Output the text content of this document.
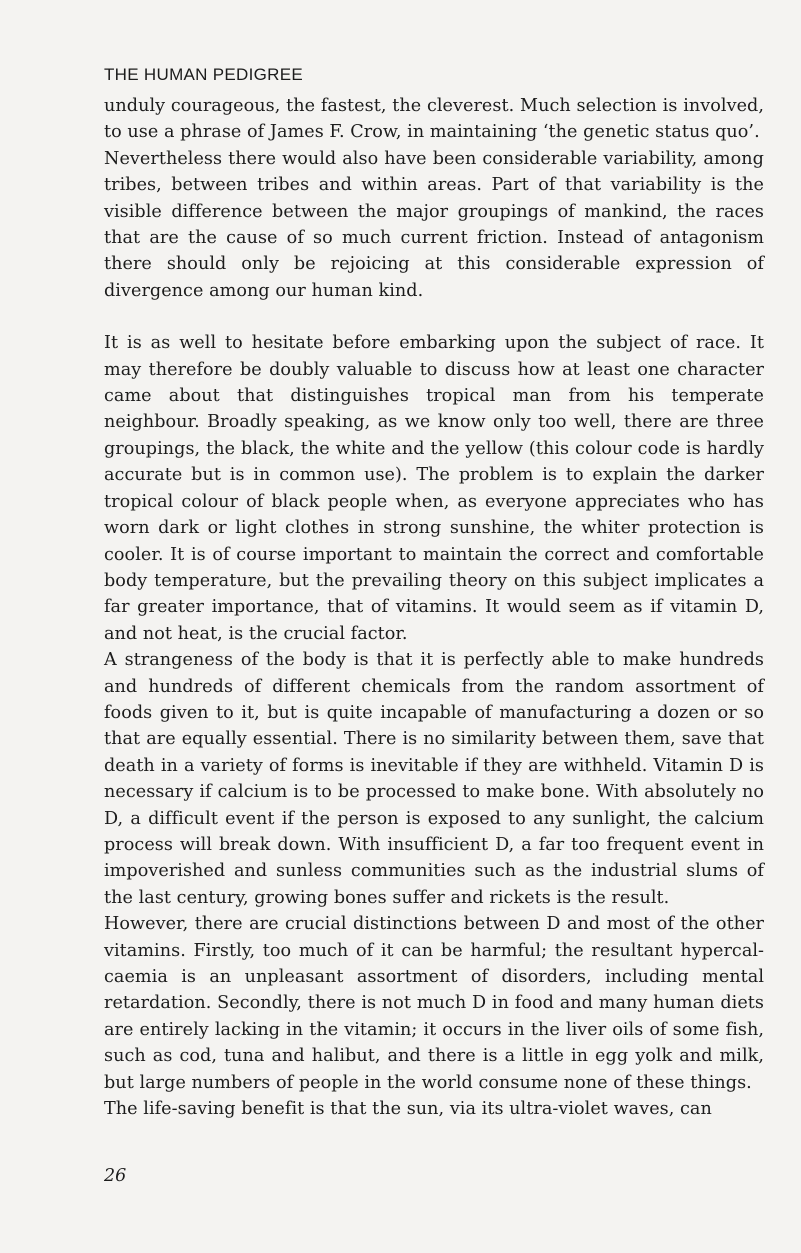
THE HUMAN PEDIGREE

unduly courageous, the fastest, the cleverest. Much selection is involved, to use a phrase of James F. Crow, in maintaining ‘the genetic status quo’.

Nevertheless there would also have been considerable variability, among tribes, between tribes and within areas. Part of that variability is the visible difference between the major groupings of mankind, the races that are the cause of so much current friction. Instead of antagonism there should only be rejoicing at this considerable expression of divergence among our human kind.

It is as well to hesitate before embarking upon the subject of race. It may therefore be doubly valuable to discuss how at least one character came about that distinguishes tropical man from his temperate neighbour. Broadly speaking, as we know only too well, there are three groupings, the black, the white and the yellow (this colour code is hardly accurate but is in common use). The problem is to explain the darker tropical colour of black people when, as everyone appreciates who has worn dark or light clothes in strong sunshine, the whiter protection is cooler. It is of course important to maintain the correct and comfortable body temperature, but the prevailing theory on this subject implicates a far greater importance, that of vitamins. It would seem as if vitamin D, and not heat, is the crucial factor.

A strangeness of the body is that it is perfectly able to make hundreds and hundreds of different chemicals from the random assortment of foods given to it, but is quite incapable of manufacturing a dozen or so that are equally essential. There is no similarity between them, save that death in a variety of forms is inevitable if they are withheld. Vitamin D is necessary if calcium is to be processed to make bone. With absolutely no D, a difficult event if the person is exposed to any sunlight, the calcium process will break down. With insufficient D, a far too frequent event in impoverished and sunless communities such as the industrial slums of the last century, growing bones suffer and rickets is the result.

However, there are crucial distinctions between D and most of the other vitamins. Firstly, too much of it can be harmful; the resultant hypercalcaemia is an unpleasant assortment of disorders, including mental retardation. Secondly, there is not much D in food and many human diets are entirely lacking in the vitamin; it occurs in the liver oils of some fish, such as cod, tuna and halibut, and there is a little in egg yolk and milk, but large numbers of people in the world consume none of these things.

The life-saving benefit is that the sun, via its ultra-violet waves, can

26
